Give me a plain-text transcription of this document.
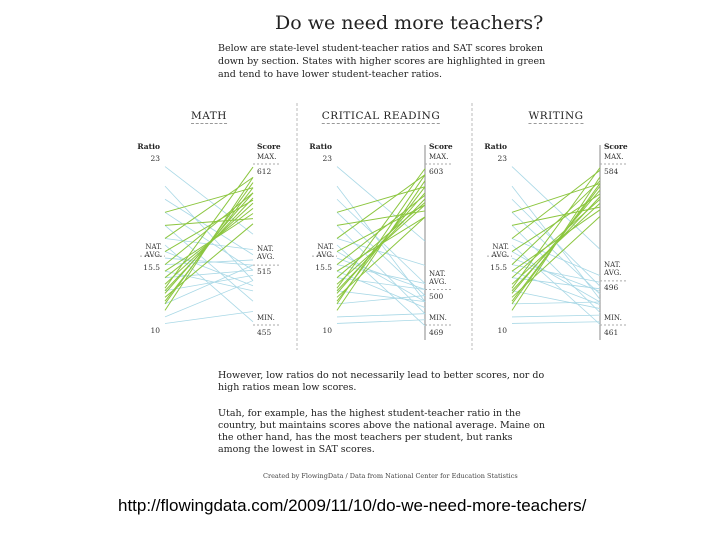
Do we need more teachers?
Below are state-level student-teacher ratios and SAT scores broken down by section. States with higher scores are highlighted in green and tend to have lower student-teacher ratios.
MATH
Ratio
23
NAT. AVG.
15.5
10
Score
MAX.
612
NAT. AVG.
515
MIN.
455
CRITICAL READING
Ratio
23
NAT. AVG.
15.5
10
Score
MAX.
603
NAT. AVG.
500
MIN.
469
WRITING
Ratio
23
NAT. AVG.
15.5
10
Score
MAX.
584
NAT. AVG.
496
MIN.
461
However, low ratios do not necessarily lead to better scores, nor do high ratios mean low scores.
Utah, for example, has the highest student-teacher ratio in the country, but maintains scores above the national average. Maine on the other hand, has the most teachers per student, but ranks among the lowest in SAT scores.
Created by FlowingData / Data from National Center for Education Statistics
http://flowingdata.com/2009/11/10/do-we-need-more-teachers/
